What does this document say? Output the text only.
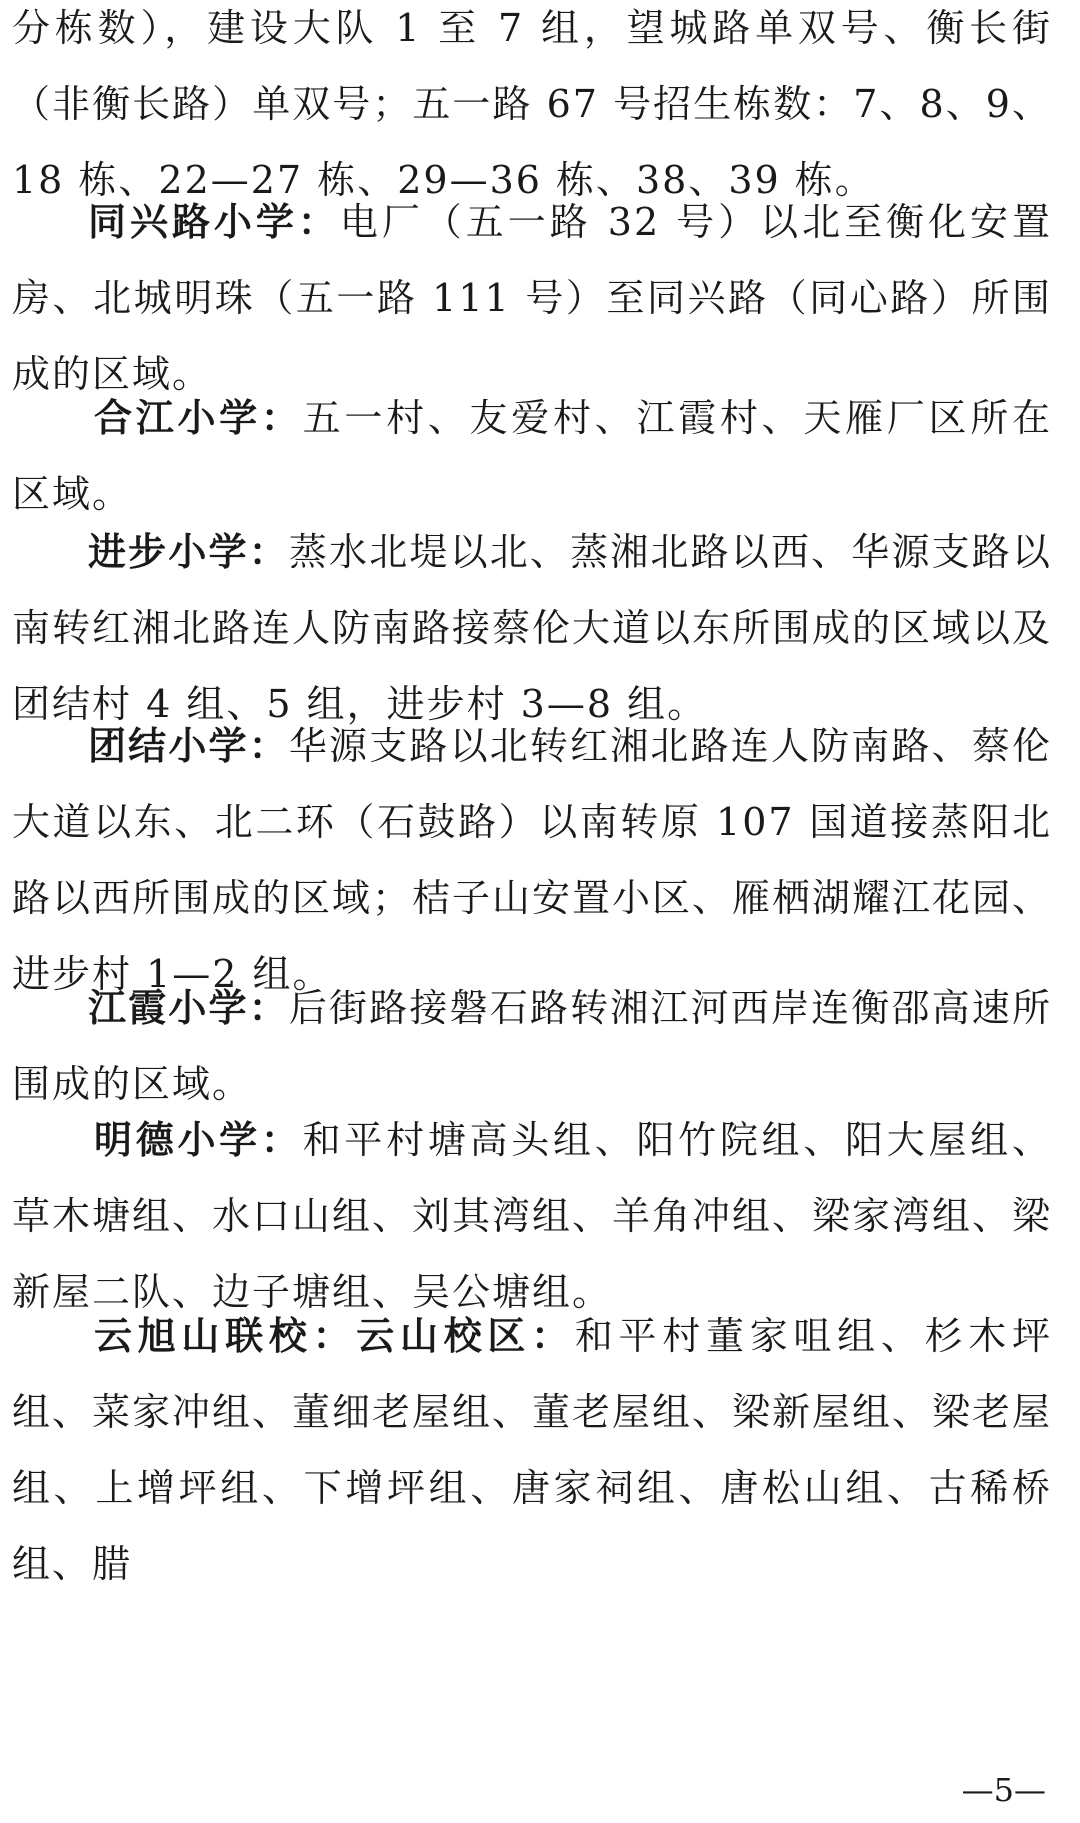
分栋数），建设大队 1 至 7 组，望城路单双号、衡长街（非衡长路）单双号；五一路 67 号招生栋数：7、8、9、18 栋、22—27 栋、29—36 栋、38、39 栋。

同兴路小学：电厂（五一路 32 号）以北至衡化安置房、北城明珠（五一路 111 号）至同兴路（同心路）所围成的区域。

合江小学：五一村、友爱村、江霞村、天雁厂区所在区域。

进步小学：蒸水北堤以北、蒸湘北路以西、华源支路以南转红湘北路连人防南路接蔡伦大道以东所围成的区域以及团结村 4 组、5 组，进步村 3—8 组。

团结小学：华源支路以北转红湘北路连人防南路、蔡伦大道以东、北二环（石鼓路）以南转原 107 国道接蒸阳北路以西所围成的区域；桔子山安置小区、雁栖湖耀江花园、进步村 1—2 组。

江霞小学：后街路接磐石路转湘江河西岸连衡邵高速所围成的区域。

明德小学：和平村塘高头组、阳竹院组、阳大屋组、草木塘组、水口山组、刘其湾组、羊角冲组、梁家湾组、梁新屋二队、边子塘组、吴公塘组。

云旭山联校：云山校区：和平村董家咀组、杉木坪组、菜家冲组、董细老屋组、董老屋组、梁新屋组、梁老屋组、上增坪组、下增坪组、唐家祠组、唐松山组、古稀桥组、腊

—5—
